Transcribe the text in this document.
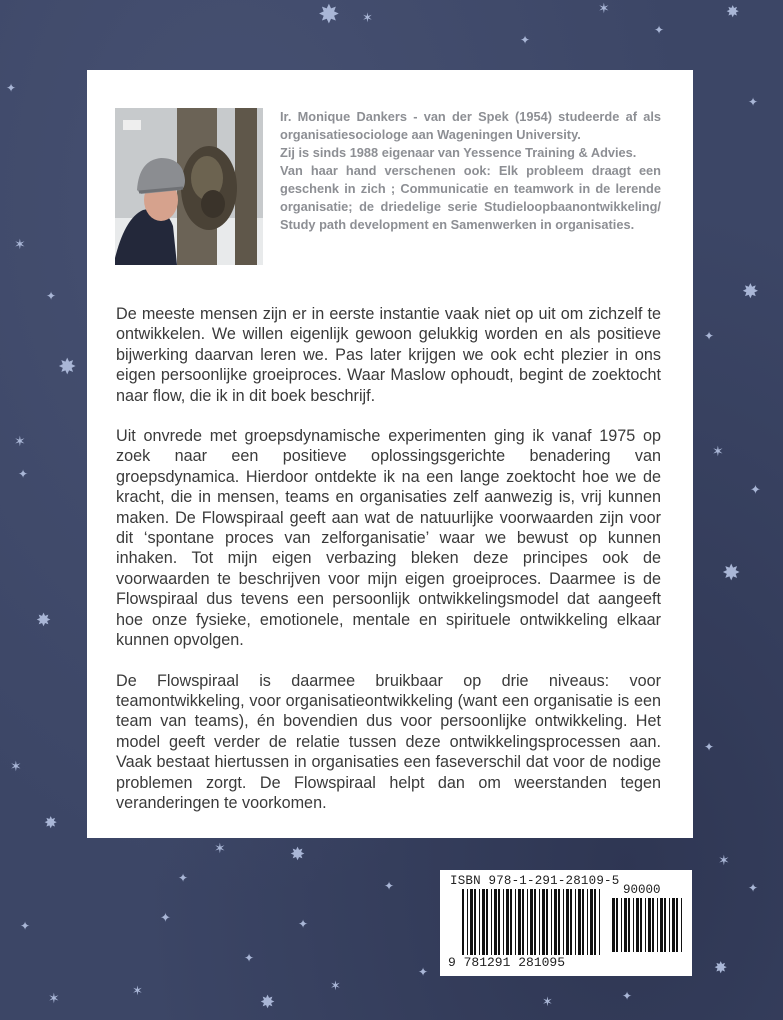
✸ ✶
✦
✶
✦
✸
✦
✸
✦
✶
✦
✸
✦
✶
✦
✸
✦
✶
✦
✸
✶
✦
✸
✶
✸
✦
✶
✦
✶	✸
✦
✦
✦
✶
✸
✶
✦
✦
✶	✦

Ir. Monique Dankers - van der Spek (1954) studeerde af als organisatiesociologe aan Wageningen University.

Zij is sinds 1988 eigenaar van Yessence Training & Advies.

Van haar hand verschenen ook: Elk probleem draagt een geschenk in zich ; Communicatie en teamwork in de lerende organisatie; de driedelige serie Studieloopbaanontwikkeling/ Study path development en Samenwerken in organisaties.

De meeste mensen zijn er in eerste instantie vaak niet op uit om zichzelf te ontwikkelen. We willen eigenlijk gewoon gelukkig worden en als positieve bijwerking daarvan leren we. Pas later krijgen we ook echt plezier in ons eigen persoonlijke groeiproces. Waar Maslow ophoudt, begint de zoektocht naar flow, die ik in dit boek beschrijf.

Uit onvrede met groepsdynamische experimenten ging ik vanaf 1975 op zoek naar een positieve oplossingsgerichte benadering van groepsdynamica. Hierdoor ontdekte ik na een lange zoektocht hoe we de kracht, die in mensen, teams en organisaties zelf aanwezig is, vrij kunnen maken. De Flowspiraal geeft aan wat de natuurlijke voorwaarden zijn voor dit ‘spontane proces van zelforganisatie’ waar we bewust op kunnen inhaken. Tot mijn eigen verbazing bleken deze principes ook de voorwaarden te beschrijven voor mijn eigen groeiproces. Daarmee is de Flowspiraal dus tevens een persoonlijk ontwikkelingsmodel dat aangeeft hoe onze fysieke, emotionele, mentale en spirituele ontwikkeling elkaar kunnen opvolgen.

De Flowspiraal is daarmee bruikbaar op drie niveaus: voor teamontwikkeling, voor organisatieontwikkeling (want een organisatie is een team van teams), én bovendien dus voor persoonlijke ontwikkeling. Het model geeft verder de relatie tussen deze ontwikkelingsprocessen aan. Vaak bestaat hiertussen in organisaties een faseverschil dat voor de nodige problemen zorgt. De Flowspiraal helpt dan om weerstanden tegen veranderingen te voorkomen.

ISBN 978-1-291-28109-5
90000
9 781291 281095
